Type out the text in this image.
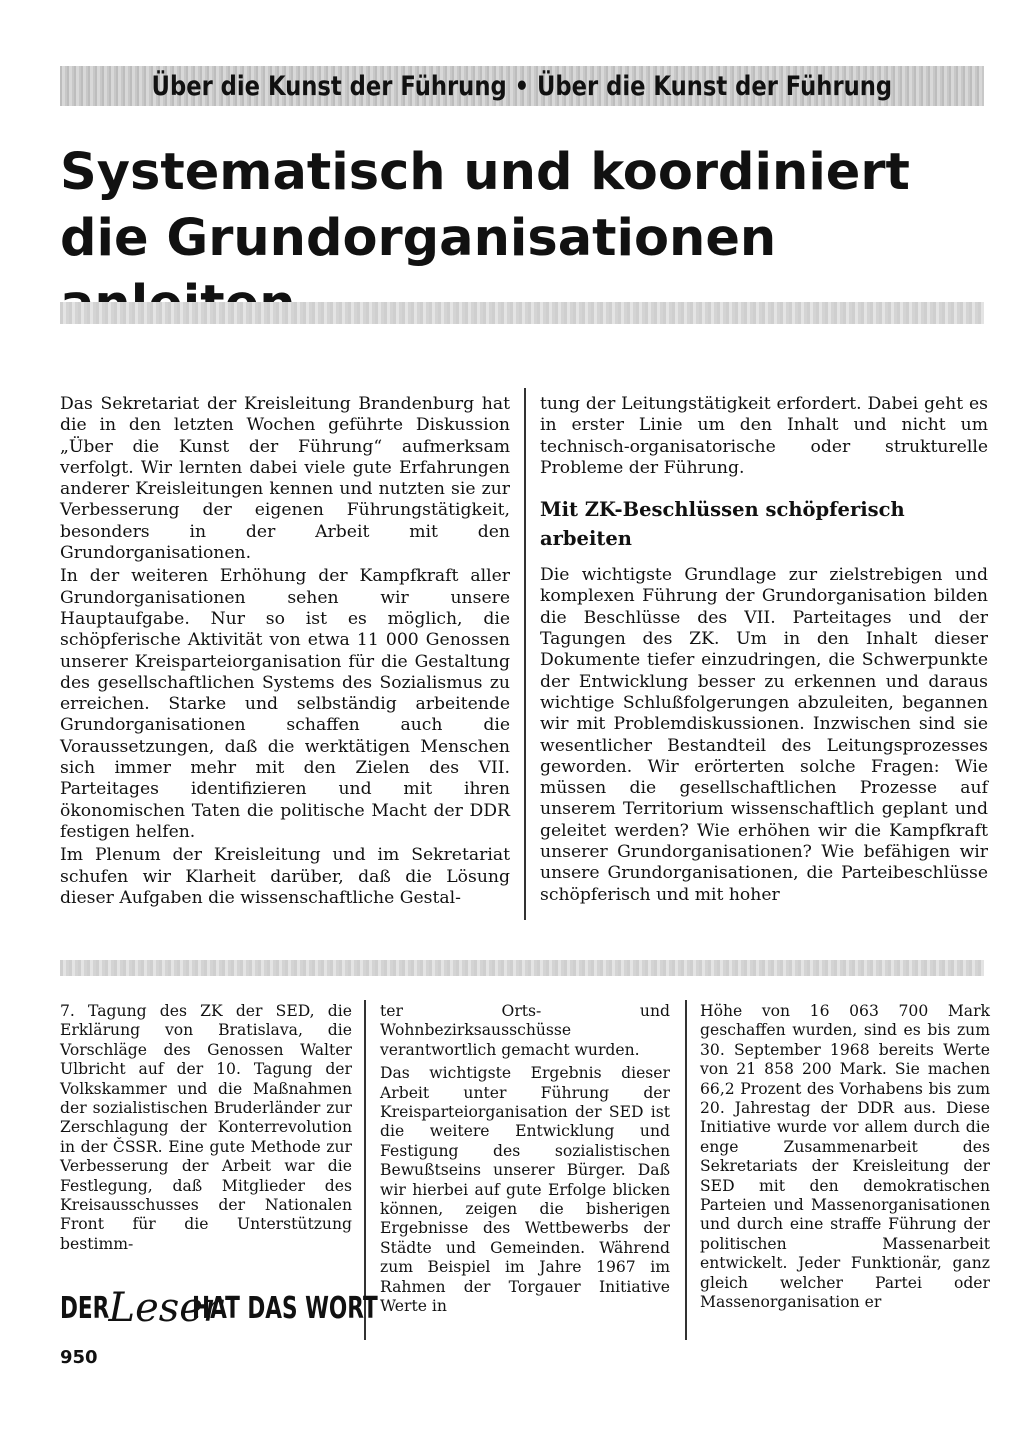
Über die Kunst der Führung • Über die Kunst der Führung
Systematisch und koordiniert die Grundorganisationen

Das Sekretariat der Kreisleitung Brandenburg hat die in den letzten Wochen geführte Diskussion „Über die Kunst der Führung“ aufmerksam verfolgt. Wir lernten dabei viele gute Erfahrungen anderer Kreisleitungen kennen und nutzten sie zur Verbesserung der eigenen Führungstätigkeit, besonders in der Arbeit mit den Grundorganisationen.

In der weiteren Erhöhung der Kampfkraft aller Grundorganisationen sehen wir unsere Hauptaufgabe. Nur so ist es möglich, die schöpferische Aktivität von etwa 11 000 Genossen unserer Kreisparteiorganisation für die Gestaltung des gesellschaftlichen Systems des Sozialismus zu erreichen. Starke und selbständig arbeitende Grundorganisationen schaffen auch die Voraussetzungen, daß die werktätigen Menschen sich immer mehr mit den Zielen des VII. Parteitages identifizieren und mit ihren ökonomischen Taten die politische Macht der DDR festigen helfen.

Im Plenum der Kreisleitung und im Sekretariat schufen wir Klarheit darüber, daß die Lösung dieser Aufgaben die wissenschaftliche Gestal-

tung der Leitungstätigkeit erfordert. Dabei geht es in erster Linie um den Inhalt und nicht um technisch-organisatorische oder strukturelle Probleme der Führung.

Mit ZK-Beschlüssen schöpferisch arbeiten

Die wichtigste Grundlage zur zielstrebigen und komplexen Führung der Grundorganisation bilden die Beschlüsse des VII. Parteitages und der Tagungen des ZK. Um in den Inhalt dieser Dokumente tiefer einzudringen, die Schwerpunkte der Entwicklung besser zu erkennen und daraus wichtige Schlußfolgerungen abzuleiten, begannen wir mit Problemdiskussionen. Inzwischen sind sie wesentlicher Bestandteil des Leitungsprozesses geworden. Wir erörterten solche Fragen: Wie müssen die gesellschaftlichen Prozesse auf unserem Territorium wissenschaftlich geplant und geleitet werden? Wie erhöhen wir die Kampfkraft unserer Grundorganisationen? Wie befähigen wir unsere Grundorganisationen, die Parteibeschlüsse schöpferisch und mit hoher

7. Tagung des ZK der SED, die Erklärung von Bratislava, die Vorschläge des Genossen Walter Ulbricht auf der 10. Tagung der Volkskammer und die Maßnahmen der sozialistischen Bruderländer zur Zerschlagung der Konterrevolution in der ČSSR. Eine gute Methode zur Verbesserung der Arbeit war die Festlegung, daß Mitglieder des Kreisausschusses der Nationalen Front für die Unterstützung bestimm-

ter Orts- und Wohnbezirksausschüsse verantwortlich gemacht wurden.

Das wichtigste Ergebnis dieser Arbeit unter Führung der Kreisparteiorganisation der SED ist die weitere Entwicklung und Festigung des sozialistischen Bewußtseins unserer Bürger. Daß wir hierbei auf gute Erfolge blicken können, zeigen die bisherigen Ergebnisse des Wettbewerbs der Städte und Gemeinden. Während zum Beispiel im Jahre 1967 im Rahmen der Torgauer Initiative Werte in

Höhe von 16 063 700 Mark geschaffen wurden, sind es bis zum 30. September 1968 bereits Werte von 21 858 200 Mark. Sie machen 66,2 Prozent des Vorhabens bis zum 20. Jahrestag der DDR aus. Diese Initiative wurde vor allem durch die enge Zusammenarbeit des Sekretariats der Kreisleitung der SED mit den demokratischen Parteien und Massenorganisationen und durch eine straffe Führung der politischen Massenarbeit entwickelt. Jeder Funktionär, ganz gleich welcher Partei oder Massenorganisation er

DER Leser
HAT DAS WORT
950
